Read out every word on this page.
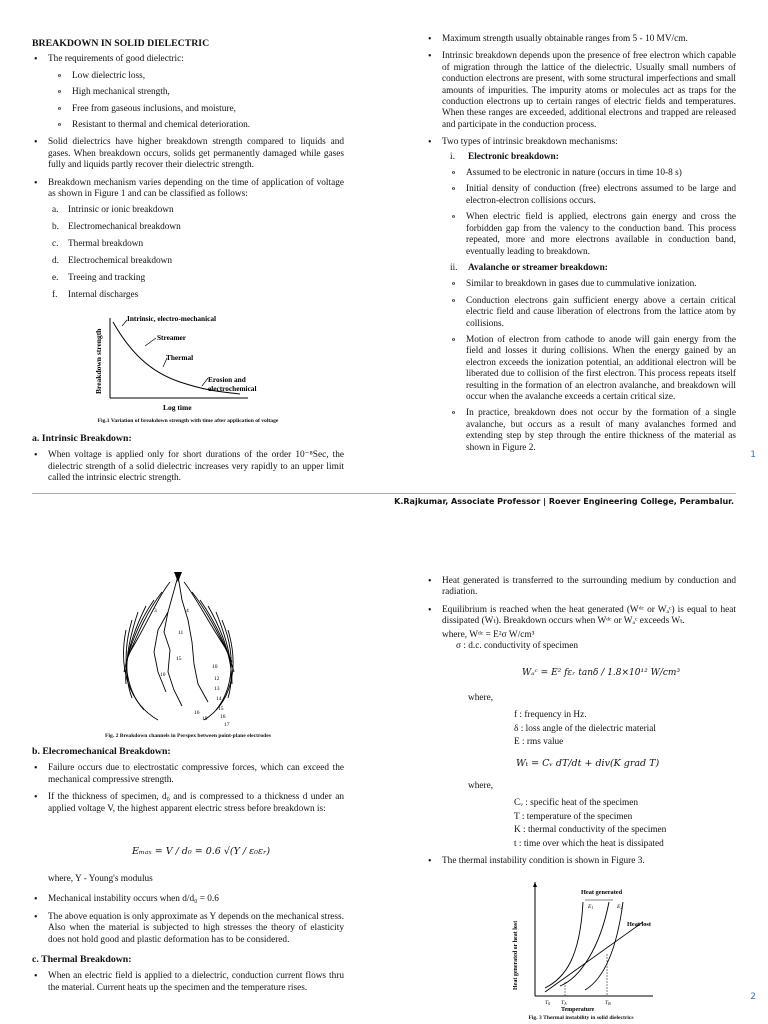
BREAKDOWN IN SOLID DIELECTRIC

• The requirements of good dielectric:
o Low dielectric loss,
o High mechanical strength,
o Free from gaseous inclusions, and moisture,
o Resistant to thermal and chemical deterioration.
• Solid dielectrics have higher breakdown strength compared to liquids and gases. When breakdown occurs, solids get permanently damaged while gases fully and liquids partly recover their dielectric strength.
• Breakdown mechanism varies depending on the time of application of voltage as shown in Figure 1 and can be classified as follows:
a. Intrinsic or ionic breakdown
b. Electromechanical breakdown
c. Thermal breakdown
d. Electrochemical breakdown
e. Treeing and tracking
f. Internal discharges
Breakdown strength
Intrinsic, electro-mechanical
Streamer
Thermal
Erosion and
electrochemical
Log time
Fig.1 Variation of breakdown strength with time after application of voltage

a. Intrinsic Breakdown:

• When voltage is applied only for short durations of the order 10⁻⁸Sec, the dielectric strength of a solid dielectric increases very rapidly to an upper limit called the intrinsic electric strength.
• Maximum strength usually obtainable ranges from 5 - 10 MV/cm.
• Intrinsic breakdown depends upon the presence of free electron which capable of migration through the lattice of the dielectric. Usually small numbers of conduction electrons are present, with some structural imperfections and small amounts of impurities. The impurity atoms or molecules act as traps for the conduction electrons up to certain ranges of electric fields and temperatures. When these ranges are exceeded, additional electrons and trapped are released and participate in the conduction process.
• Two types of intrinsic breakdown mechanisms:
i. Electronic breakdown:
o Assumed to be electronic in nature (occurs in time 10-8 s)
o Initial density of conduction (free) electrons assumed to be large and electron-electron collisions occurs.
o When electric field is applied, electrons gain energy and cross the forbidden gap from the valency to the conduction band. This process repeated, more and more electrons available in conduction band, eventually leading to breakdown.
ii. Avalanche or streamer breakdown:
o Similar to breakdown in gases due to cummulative ionization.
o Conduction electrons gain sufficient energy above a certain critical electric field and cause liberation of electrons from the lattice atom by collisions.
o Motion of electron from cathode to anode will gain energy from the field and losses it during collisions. When the energy gained by an electron exceeds the ionization potential, an additional electron will be liberated due to collision of the first electron. This process repeats itself resulting in the formation of an electron avalanche, and breakdown will occur when the avalanche exceeds a certain critical size.
o In practice, breakdown does not occur by the formation of a single avalanche, but occurs as a result of many avalanches formed and extending step by step through the entire thickness of the material as shown in Figure 2.
1
K.Rajkumar, Associate Professor | Roever Engineering College, Perambalur.
3	4
11
15
10
10
12
13
14
15
16
17
16
19
Fig. 2 Breakdown channels in Perspex between point-plane electrodes

b. Elecromechanical Breakdown:

• Failure occurs due to electrostatic compressive forces, which can exceed the mechanical compressive strength.
• If the thickness of specimen, d₀ and is compressed to a thickness d under an applied voltage V, the highest apparent electric stress before breakdown is:
Eₘₐₓ = V / d₀ = 0.6 √(Y / ε₀εᵣ)
where, Y - Young's modulus
• Mechanical instability occurs when d/d₀ = 0.6
• The above equation is only approximate as Y depends on the mechanical stress. Also when the material is subjected to high stresses the theory of elasticity does not hold good and plastic deformation has to be considered.

c. Thermal Breakdown:

• When an electric field is applied to a dielectric, conduction current flows thru the material. Current heats up the specimen and the temperature rises.
• Heat generated is transferred to the surrounding medium by conduction and radiation.
• Equilibrium is reached when the heat generated (Wᵈᶜ or Wₐᶜ) is equal to heat dissipated (Wₜ). Breakdown occurs when Wᵈᶜ or Wₐᶜ exceeds Wₜ.
where, Wᵈᶜ = E²σ W/cm³
σ : d.c. conductivity of specimen
Wₐᶜ = E² fεᵣ tanδ / 1.8×10¹² W/cm³
where,
f : frequency in Hz.
δ : loss angle of the dielectric material
E : rms value
Wₜ = Cᵥ dT/dt + div(K grad T)
where,
Cᵥ : specific heat of the specimen
T : temperature of the specimen
K : thermal conductivity of the specimen
t : time over which the heat is dissipated
• The thermal instability condition is shown in Figure 3.
Heat generated or heat lost
Heat generated
E1	E2
Heat lost
T0 TA	TB
Temperature
Fig. 3 Thermal instability in solid dielectrics
2
